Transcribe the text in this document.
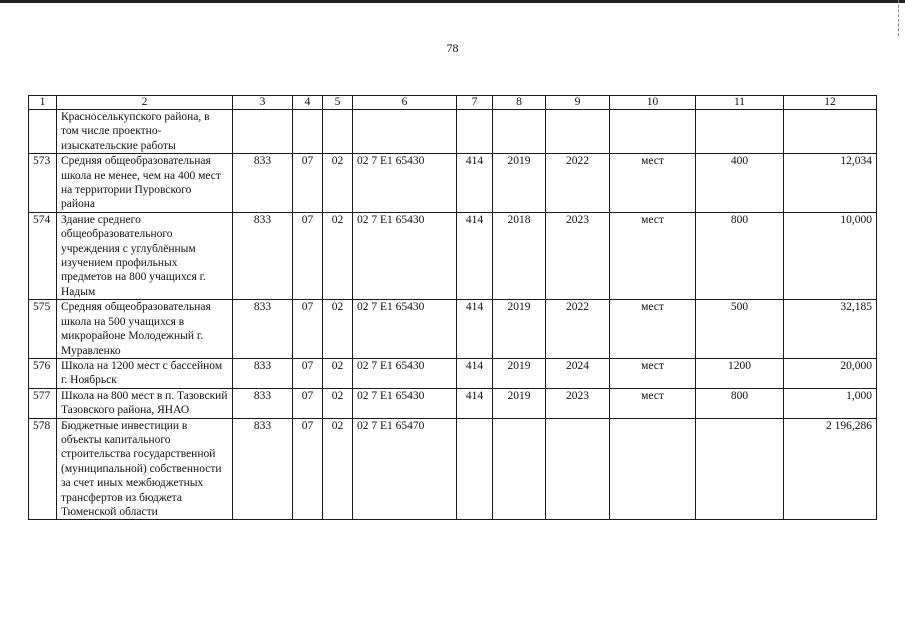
78
1	2	3	4	5	6	7	8	9	10	11	12
	Красноселькупского района, в том числе проектно-изыскательские работы										
573	Средняя общеобразовательная школа не менее, чем на 400 мест на территории Пуровского района	833	07	02	02 7 E1 65430	414	2019	2022	мест	400	12,034
574	Здание среднего общеобразовательного учреждения с углублённым изучением профильных предметов на 800 учащихся г. Надым	833	07	02	02 7 E1 65430	414	2018	2023	мест	800	10,000
575	Средняя общеобразовательная школа на 500 учащихся в микрорайоне Молодежный г. Муравленко	833	07	02	02 7 E1 65430	414	2019	2022	мест	500	32,185
576	Школа на 1200 мест с бассейном г. Ноябрьск	833	07	02	02 7 E1 65430	414	2019	2024	мест	1200	20,000
577	Школа на 800 мест в п. Тазовский Тазовского района, ЯНАО	833	07	02	02 7 E1 65430	414	2019	2023	мест	800	1,000
578	Бюджетные инвестиции в объекты капитального строительства государственной (муниципальной) собственности за счет иных межбюджетных трансфертов из бюджета Тюменской области	833	07	02	02 7 E1 65470						2 196,286
